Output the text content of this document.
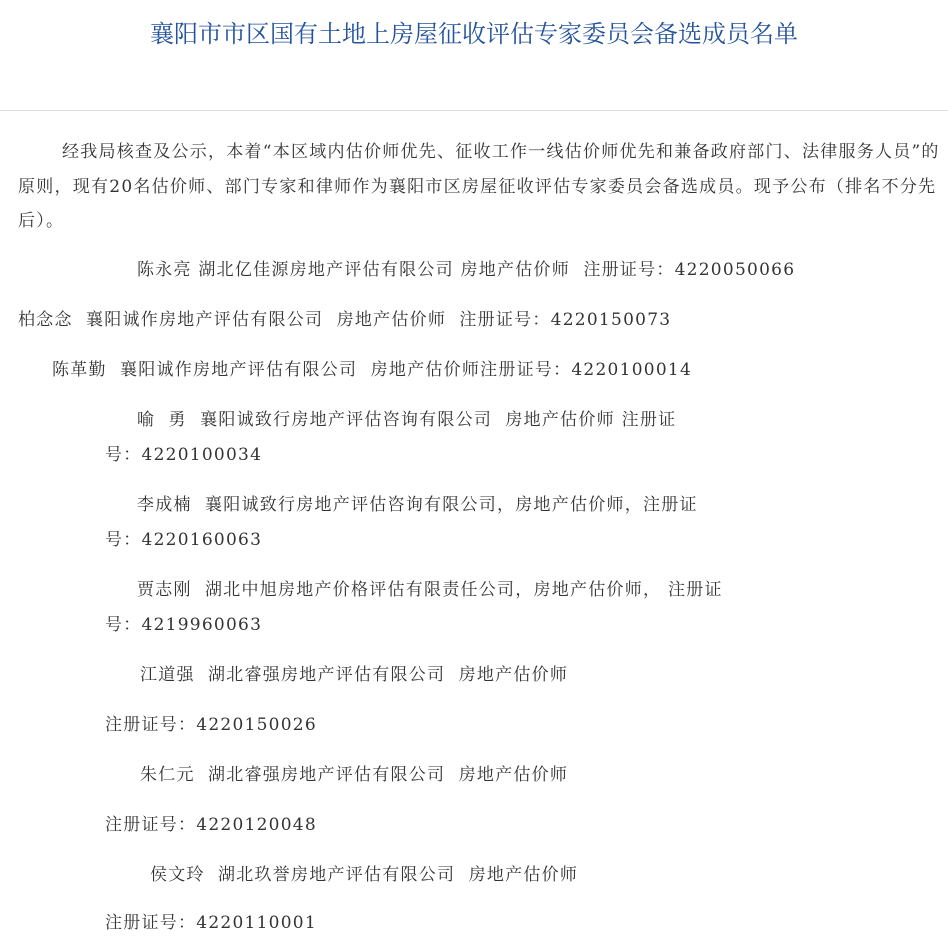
襄阳市市区国有土地上房屋征收评估专家委员会备选成员名单

经我局核查及公示，本着“本区域内估价师优先、征收工作一线估价师优先和兼备政府部门、法律服务人员”的原则，现有20名估价师、部门专家和律师作为襄阳市区房屋征收评估专家委员会备选成员。现予公布（排名不分先后）。

陈永亮 湖北亿佳源房地产评估有限公司 房地产估价师  注册证号：4220050066

柏念念  襄阳诚作房地产评估有限公司  房地产估价师  注册证号：4220150073

陈革勤  襄阳诚作房地产评估有限公司  房地产估价师注册证号：4220100014

喻  勇  襄阳诚致行房地产评估咨询有限公司  房地产估价师 注册证

号：4220100034

李成楠  襄阳诚致行房地产评估咨询有限公司，房地产估价师，注册证

号：4220160063

贾志刚  湖北中旭房地产价格评估有限责任公司，房地产估价师， 注册证

号：4219960063

江道强  湖北睿强房地产评估有限公司  房地产估价师

注册证号：4220150026

朱仁元  湖北睿强房地产评估有限公司  房地产估价师

注册证号：4220120048

侯文玲  湖北玖誉房地产评估有限公司  房地产估价师

注册证号：4220110001
